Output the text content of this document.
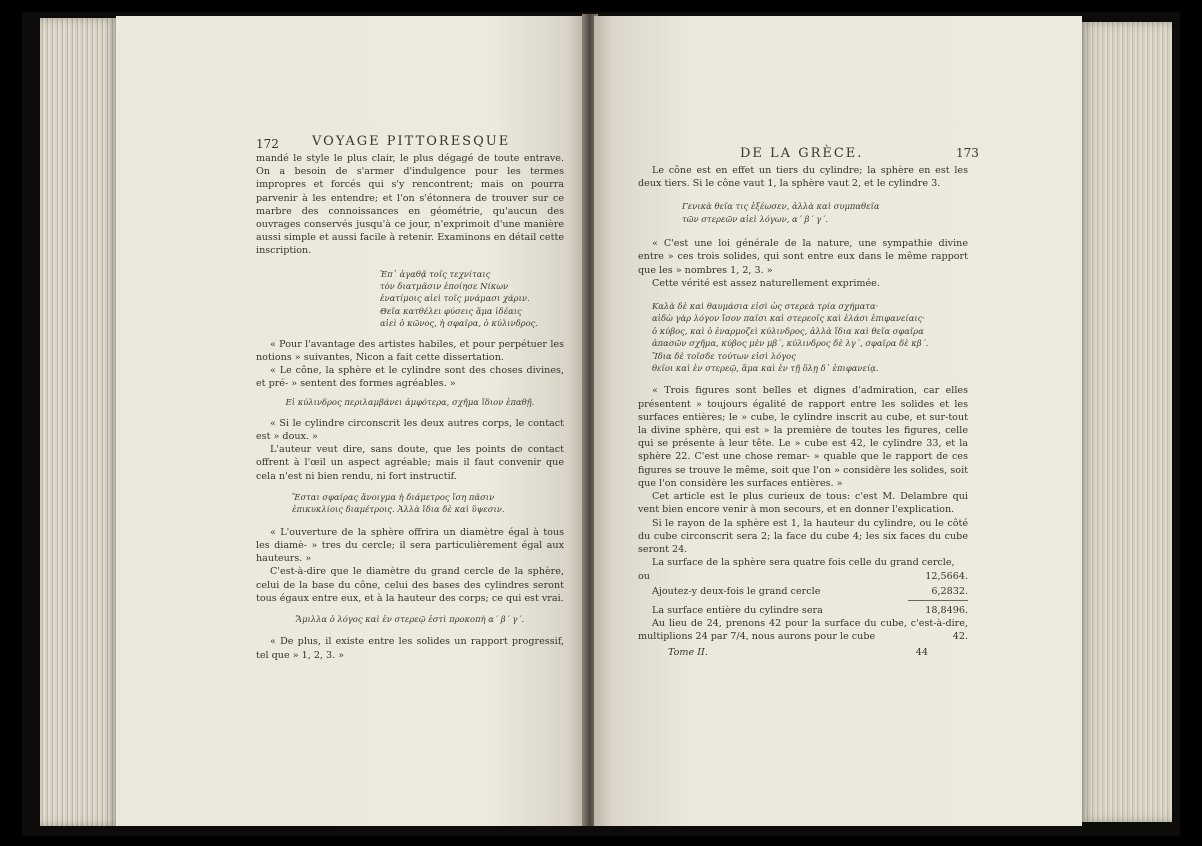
172	VOYAGE PITTORESQUE

mandé le style le plus clair, le plus dégagé de toute entrave. On a besoin de s'armer d'indulgence pour les termes impropres et forcés qui s'y rencontrent; mais on pourra parvenir à les entendre; et l'on s'étonnera de trouver sur ce marbre des connoissances en géométrie, qu'aucun des ouvrages conservés jusqu'à ce jour, n'exprimoit d'une manière aussi simple et aussi facile à retenir. Examinons en détail cette inscription.

Ἐπ᾽ ἀγαθᾷ τοῖς τεχνίταις
τὸν διατμᾶσιν ἐποίησε Νίκων
ἐνατίμοις αἰεὶ τοῖς μνάμασι χάριν.
Θεῖα κατθέλει φύσεις ἅμα ἰδέαις
αἰεὶ ὁ κῶνος, ἡ σφαῖρα, ὁ κύλινδρος.

« Pour l'avantage des artistes habiles, et pour perpétuer les notions » suivantes, Nicon a fait cette dissertation.

« Le cône, la sphère et le cylindre sont des choses divines, et pré- » sentent des formes agréables. »

Εἰ κύλινδρος περιλαμβάνει ἀμφότερα, σχῆμα ἴδιον ἐπαθῇ.

« Si le cylindre circonscrit les deux autres corps, le contact est » doux. »

L'auteur veut dire, sans doute, que les points de contact offrent à l'œil un aspect agréable; mais il faut convenir que cela n'est ni bien rendu, ni fort instructif.

Ἔσται σφαίρας ἄνοιγμα ἡ διάμετρος ἴση πᾶσιν
ἐπικυκλίοις διαμέτροις. Ἀλλὰ ἴδια δὲ καὶ ὕψεσιν.

« L'ouverture de la sphère offrira un diamètre égal à tous les diamè- » tres du cercle; il sera particulièrement égal aux hauteurs. »

C'est-à-dire que le diamètre du grand cercle de la sphère, celui de la base du cône, celui des bases des cylindres seront tous égaux entre eux, et à la hauteur des corps; ce qui est vrai.

Ἅμιλλα ὁ λόγος καὶ ἐν στερεῷ ἐστὶ προκοπὴ α΄ β΄ γ΄.

« De plus, il existe entre les solides un rapport progressif, tel que » 1, 2, 3. »

DE LA GRÈCE.	173

Le cône est en effet un tiers du cylindre; la sphère en est les deux tiers. Si le cône vaut 1, la sphère vaut 2, et le cylindre 3.

Γενικὰ θεῖα τις ἐξέωσεν, ἀλλὰ καὶ συμπαθεῖα
τῶν στερεῶν αἰεὶ λόγων, α΄ β΄ γ΄.

« C'est une loi générale de la nature, une sympathie divine entre » ces trois solides, qui sont entre eux dans le même rapport que les » nombres 1, 2, 3. »

Cette vérité est assez naturellement exprimée.

Καλὰ δὲ καὶ θαυμάσια εἰσὶ ὡς στερεὰ τρία σχήματα·
αἰδὼ γὰρ λόγον ἴσον παῖσι καὶ στερεοῖς καὶ ἐλάσι ἐπιφανείαις·
ὁ κύβος, καὶ ὁ ἐναρμοζεὶ κύλινδρος, ἀλλὰ ἴδια καὶ θεῖα σφαῖρα
ἀπασῶν σχῆμα, κύβος μὲν μβ΄, κύλινδρος δὲ λγ΄, σφαῖρα δὲ κβ΄.
Ἴδια δὲ τοῖσδε τούτων εἰσὶ λόγος
θεῖοι καὶ ἐν στερεῷ, ἅμα καὶ ἐν τῇ ὅλῃ δ᾽ ἐπιφανείᾳ.

« Trois figures sont belles et dignes d'admiration, car elles présentent » toujours égalité de rapport entre les solides et les surfaces entières; le » cube, le cylindre inscrit au cube, et sur-tout la divine sphère, qui est » la première de toutes les figures, celle qui se présente à leur tête. Le » cube est 42, le cylindre 33, et la sphère 22. C'est une chose remar- » quable que le rapport de ces figures se trouve le même, soit que l'on » considère les solides, soit que l'on considère les surfaces entières. »

Cet article est le plus curieux de tous: c'est M. Delambre qui vent bien encore venir à mon secours, et en donner l'explication.

Si le rayon de la sphère est 1, la hauteur du cylindre, ou le côté du cube circonscrit sera 2; la face du cube 4; les six faces du cube seront 24.

La surface de la sphère sera quatre fois celle du grand cercle,

ou	12,5664.
Ajoutez-y deux-fois le grand cercle	6,2832.
La surface entière du cylindre sera	18,8496.

Au lieu de 24, prenons 42 pour la surface du cube, c'est-à-dire, multiplions 24 par 7/4, nous aurons pour le cube	42.

Tome II.	44
